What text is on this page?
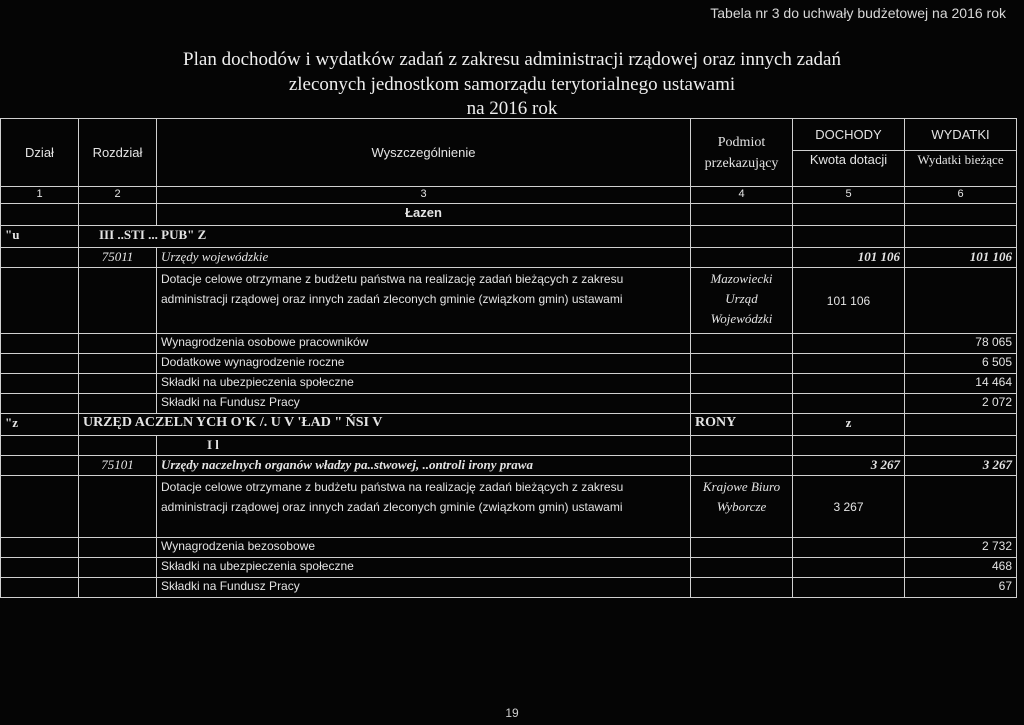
Tabela nr 3 do uchwały budżetowej na 2016 rok
Plan dochodów i wydatków zadań z zakresu administracji rządowej oraz innych zadań
zleconych jednostkom samorządu terytorialnego ustawami
na 2016 rok
Dział	Rozdział	Wyszczególnienie	Podmiot przekazujący	DOCHODY	WYDATKI
				Kwota dotacji	Wydatki bieżące
1	2	3	4	5	6
		Łazen			
"u	III ..STI ... PUB" Z				
	75011	Urzędy wojewódzkie		101 106	101 106
		Dotacje celowe otrzymane z budżetu państwa na realizację zadań bieżących z zakresu administracji rządowej oraz innych zadań zleconych gminie (związkom gmin) ustawami	Mazowiecki Urząd Wojewódzki	101 106	
		Wynagrodzenia osobowe pracowników			78 065
		Dodatkowe wynagrodzenie roczne			6 505
		Składki na ubezpieczenia społeczne			14 464
		Składki na Fundusz Pracy			2 072
"z	URZĘD ACZELN YCH O'K /. U V 'ŁAD " ŃSI V		RONY	z	
		I l			
	75101	Urzędy naczelnych organów władzy pa..stwowej, ..ontroli irony prawa		3 267	3 267
		Dotacje celowe otrzymane z budżetu państwa na realizację zadań bieżących z zakresu administracji rządowej oraz innych zadań zleconych gminie (związkom gmin) ustawami	Krajowe Biuro Wyborcze	3 267	
		Wynagrodzenia bezosobowe			2 732
		Składki na ubezpieczenia społeczne			468
		Składki na Fundusz Pracy			67
19
